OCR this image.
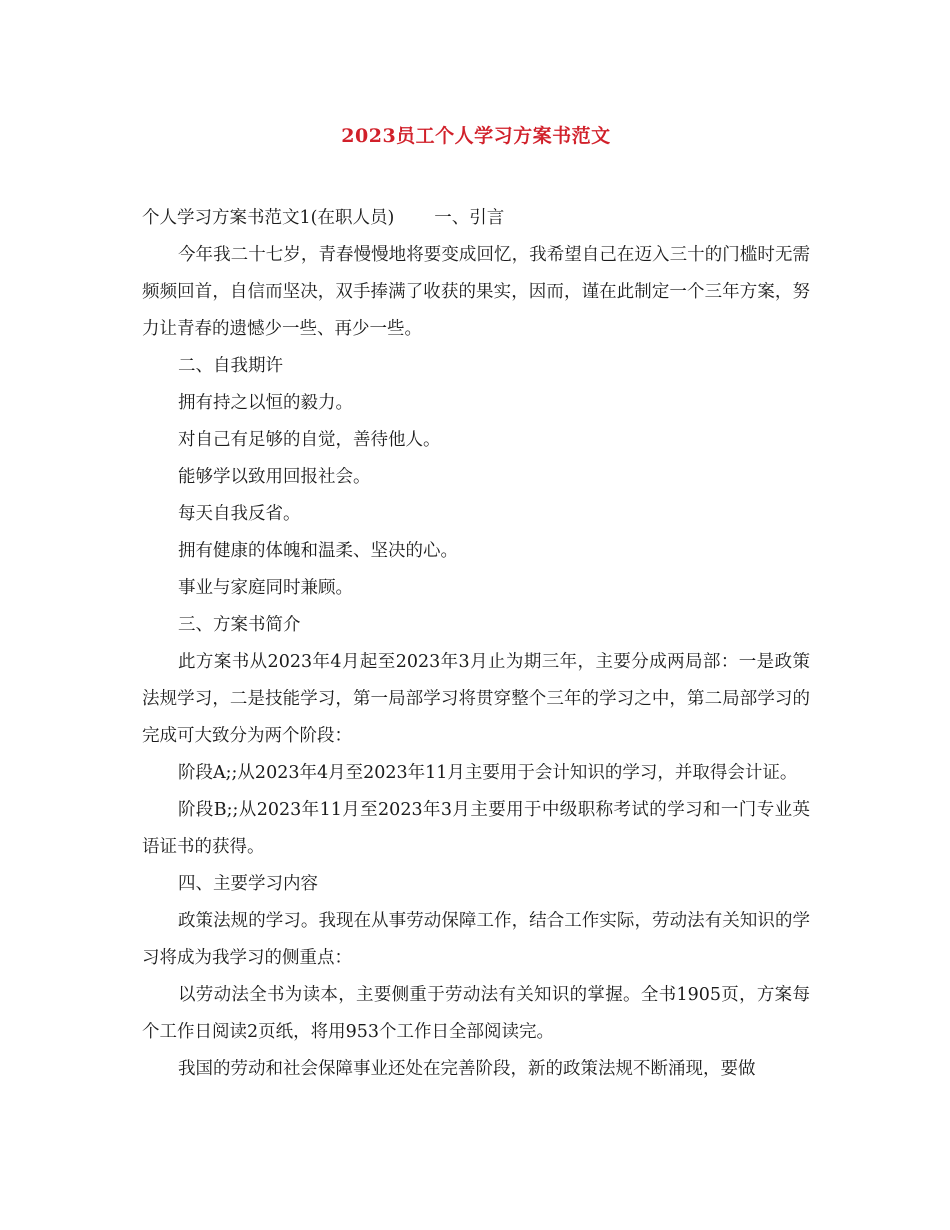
2023员工个人学习方案书范文

个人学习方案书范文1(在职人员) 一、引言

今年我二十七岁，青春慢慢地将要变成回忆，我希望自己在迈入三十的门槛时无需频频回首，自信而坚决，双手捧满了收获的果实，因而，谨在此制定一个三年方案，努力让青春的遗憾少一些、再少一些。

二、自我期许

拥有持之以恒的毅力。

对自己有足够的自觉，善待他人。

能够学以致用回报社会。

每天自我反省。

拥有健康的体魄和温柔、坚决的心。

事业与家庭同时兼顾。

三、方案书简介

此方案书从2023年4月起至2023年3月止为期三年，主要分成两局部：一是政策法规学习，二是技能学习，第一局部学习将贯穿整个三年的学习之中，第二局部学习的完成可大致分为两个阶段：

阶段A;;从2023年4月至2023年11月主要用于会计知识的学习，并取得会计证。

阶段B;;从2023年11月至2023年3月主要用于中级职称考试的学习和一门专业英语证书的获得。

四、主要学习内容

政策法规的学习。我现在从事劳动保障工作，结合工作实际，劳动法有关知识的学习将成为我学习的侧重点：

以劳动法全书为读本，主要侧重于劳动法有关知识的掌握。全书1905页，方案每个工作日阅读2页纸，将用953个工作日全部阅读完。

我国的劳动和社会保障事业还处在完善阶段，新的政策法规不断涌现，要做
